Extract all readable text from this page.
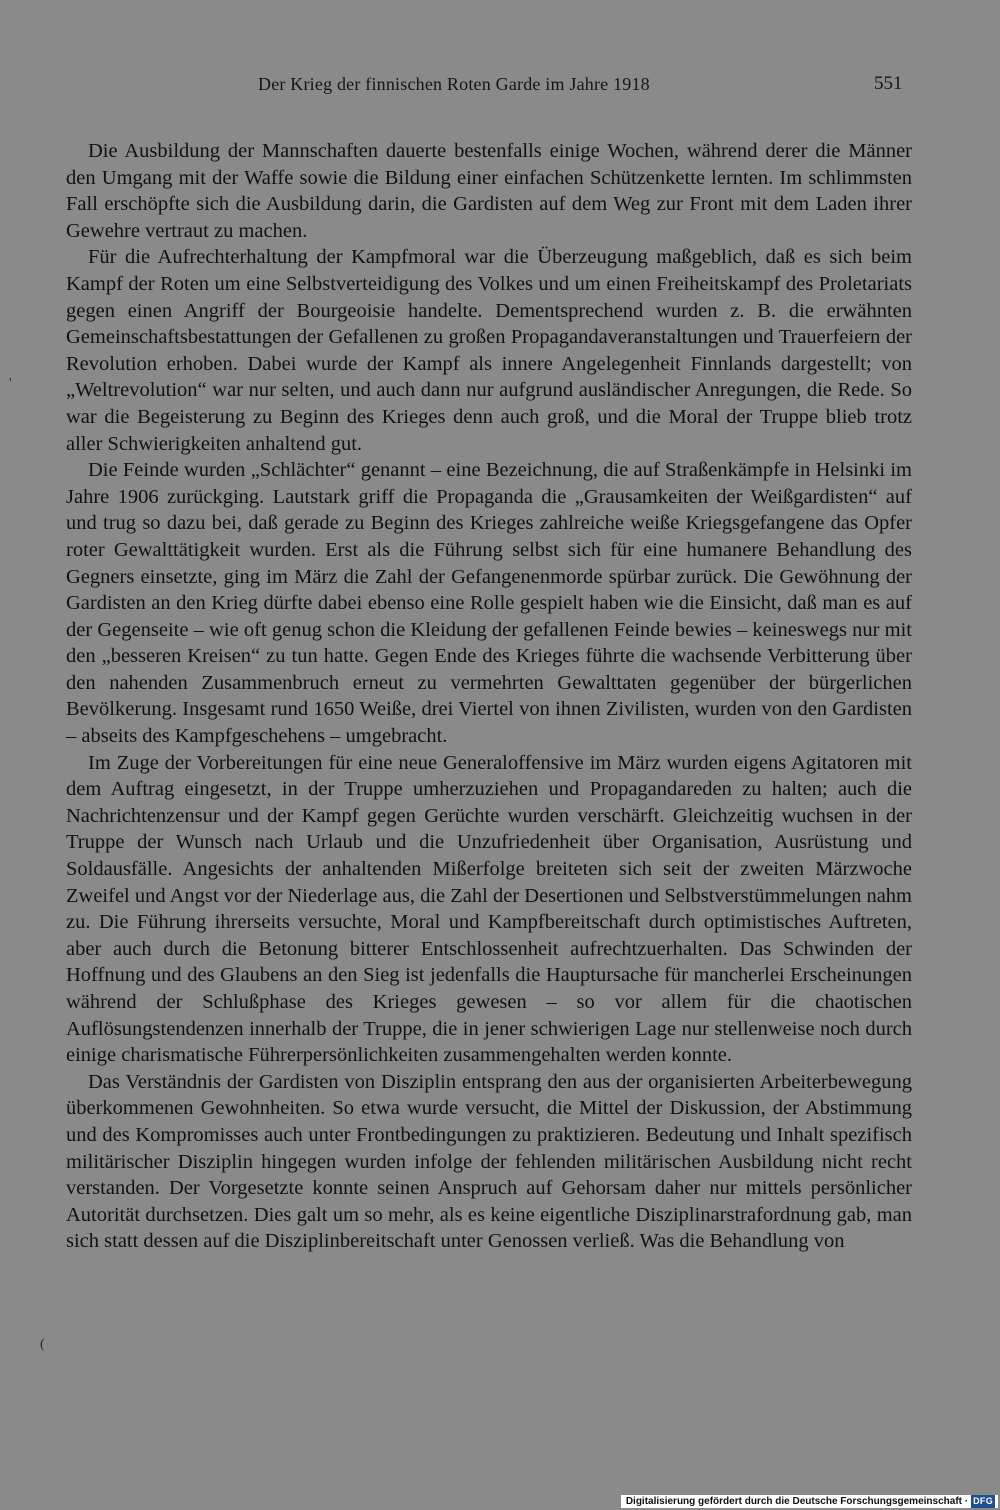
Der Krieg der finnischen Roten Garde im Jahre 1918	551
'
(

Die Ausbildung der Mannschaften dauerte bestenfalls einige Wochen, während derer die Männer den Umgang mit der Waffe sowie die Bildung einer einfachen Schützenkette lernten. Im schlimmsten Fall erschöpfte sich die Ausbildung darin, die Gardisten auf dem Weg zur Front mit dem Laden ihrer Gewehre vertraut zu machen.

Für die Aufrechterhaltung der Kampfmoral war die Überzeugung maßgeblich, daß es sich beim Kampf der Roten um eine Selbstverteidigung des Volkes und um einen Freiheitskampf des Proletariats gegen einen Angriff der Bourgeoisie handelte. Dementsprechend wurden z. B. die erwähnten Gemeinschaftsbestattungen der Gefallenen zu großen Propagandaveranstaltungen und Trauerfeiern der Revolution erhoben. Dabei wurde der Kampf als innere Angelegenheit Finnlands dargestellt; von „Weltrevolution“ war nur selten, und auch dann nur aufgrund ausländischer Anregungen, die Rede. So war die Begeisterung zu Beginn des Krieges denn auch groß, und die Moral der Truppe blieb trotz aller Schwierigkeiten anhaltend gut.

Die Feinde wurden „Schlächter“ genannt – eine Bezeichnung, die auf Straßenkämpfe in Helsinki im Jahre 1906 zurückging. Lautstark griff die Propaganda die „Grausamkeiten der Weißgardisten“ auf und trug so dazu bei, daß gerade zu Beginn des Krieges zahlreiche weiße Kriegsgefangene das Opfer roter Gewalttätigkeit wurden. Erst als die Führung selbst sich für eine humanere Behandlung des Gegners einsetzte, ging im März die Zahl der Gefangenenmorde spürbar zurück. Die Gewöhnung der Gardisten an den Krieg dürfte dabei ebenso eine Rolle gespielt haben wie die Einsicht, daß man es auf der Gegenseite – wie oft genug schon die Kleidung der gefallenen Feinde bewies – keineswegs nur mit den „besseren Kreisen“ zu tun hatte. Gegen Ende des Krieges führte die wachsende Verbitterung über den nahenden Zusammenbruch erneut zu vermehrten Gewalttaten gegenüber der bürgerlichen Bevölkerung. Insgesamt rund 1650 Weiße, drei Viertel von ihnen Zivilisten, wurden von den Gardisten – abseits des Kampfgeschehens – umgebracht.

Im Zuge der Vorbereitungen für eine neue Generaloffensive im März wurden eigens Agitatoren mit dem Auftrag eingesetzt, in der Truppe umherzuziehen und Propagandareden zu halten; auch die Nachrichtenzensur und der Kampf gegen Gerüchte wurden verschärft. Gleichzeitig wuchsen in der Truppe der Wunsch nach Urlaub und die Unzufriedenheit über Organisation, Ausrüstung und Soldausfälle. Angesichts der anhaltenden Mißerfolge breiteten sich seit der zweiten Märzwoche Zweifel und Angst vor der Niederlage aus, die Zahl der Desertionen und Selbstverstümmelungen nahm zu. Die Führung ihrerseits versuchte, Moral und Kampfbereitschaft durch optimistisches Auftreten, aber auch durch die Betonung bitterer Entschlossenheit aufrechtzuerhalten. Das Schwinden der Hoffnung und des Glaubens an den Sieg ist jedenfalls die Hauptursache für mancherlei Erscheinungen während der Schlußphase des Krieges gewesen – so vor allem für die chaotischen Auflösungstendenzen innerhalb der Truppe, die in jener schwierigen Lage nur stellenweise noch durch einige charismatische Führerpersönlichkeiten zusammengehalten werden konnte.

Das Verständnis der Gardisten von Disziplin entsprang den aus der organisierten Arbeiterbewegung überkommenen Gewohnheiten. So etwa wurde versucht, die Mittel der Diskussion, der Abstimmung und des Kompromisses auch unter Frontbedingungen zu praktizieren. Bedeutung und Inhalt spezifisch militärischer Disziplin hingegen wurden infolge der fehlenden militärischen Ausbildung nicht recht verstanden. Der Vorgesetzte konnte seinen Anspruch auf Gehorsam daher nur mittels persönlicher Autorität durchsetzen. Dies galt um so mehr, als es keine eigentliche Disziplinarstrafordnung gab, man sich statt dessen auf die Disziplinbereitschaft unter Genossen verließ. Was die Behandlung von

Digitalisierung gefördert durch die Deutsche Forschungsgemeinschaft · DFG
